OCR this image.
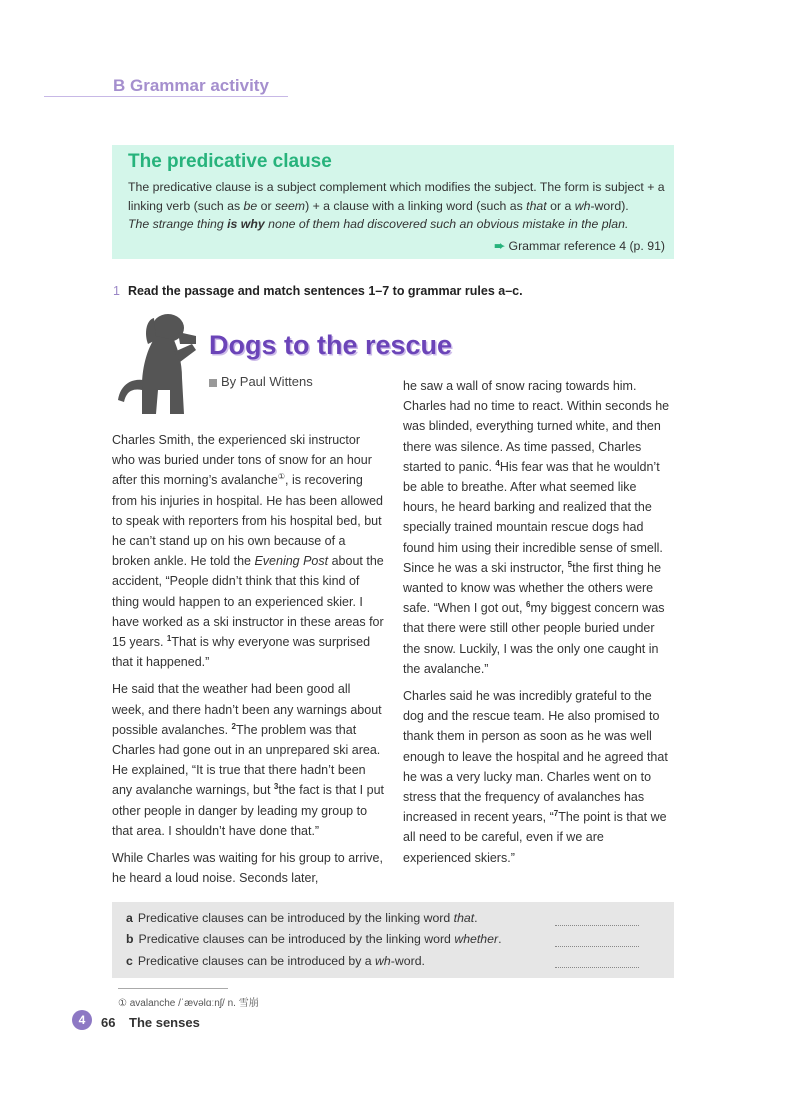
B Grammar activity
The predicative clause
The predicative clause is a subject complement which modifies the subject. The form is subject + a linking verb (such as be or seem) + a clause with a linking word (such as that or a wh-word).
The strange thing is why none of them had discovered such an obvious mistake in the plan.
➨ Grammar reference 4 (p. 91)
1 Read the passage and match sentences 1–7 to grammar rules a–c.
Dogs to the rescue
By Paul Wittens

Charles Smith, the experienced ski instructor who was buried under tons of snow for an hour after this morning’s avalanche①, is recovering from his injuries in hospital. He has been allowed to speak with reporters from his hospital bed, but he can’t stand up on his own because of a broken ankle. He told the Evening Post about the accident, “People didn’t think that this kind of thing would happen to an experienced skier. I have worked as a ski instructor in these areas for 15 years. $^1$That is why everyone was surprised that it happened.”

He said that the weather had been good all week, and there hadn’t been any warnings about possible avalanches. $^2$The problem was that Charles had gone out in an unprepared ski area. He explained, “It is true that there hadn’t been any avalanche warnings, but $^3$the fact is that I put other people in danger by leading my group to that area. I shouldn’t have done that.”

While Charles was waiting for his group to arrive, he heard a loud noise. Seconds later,

he saw a wall of snow racing towards him. Charles had no time to react. Within seconds he was blinded, everything turned white, and then there was silence. As time passed, Charles started to panic. $^4$His fear was that he wouldn’t be able to breathe. After what seemed like hours, he heard barking and realized that the specially trained mountain rescue dogs had found him using their incredible sense of smell. Since he was a ski instructor, $^5$the first thing he wanted to know was whether the others were safe. “When I got out, $^6$my biggest concern was that there were still other people buried under the snow. Luckily, I was the only one caught in the avalanche.”

Charles said he was incredibly grateful to the dog and the rescue team. He also promised to thank them in person as soon as he was well enough to leave the hospital and he agreed that he was a very lucky man. Charles went on to stress that the frequency of avalanches has increased in recent years, “$^7$The point is that we all need to be careful, even if we are experienced skiers.”

a Predicative clauses can be introduced by the linking word that.
b Predicative clauses can be introduced by the linking word whether.
c Predicative clauses can be introduced by a wh-word.
① avalanche /ˈævəlɑːnʃ/ n. 雪崩
4	66 The senses
